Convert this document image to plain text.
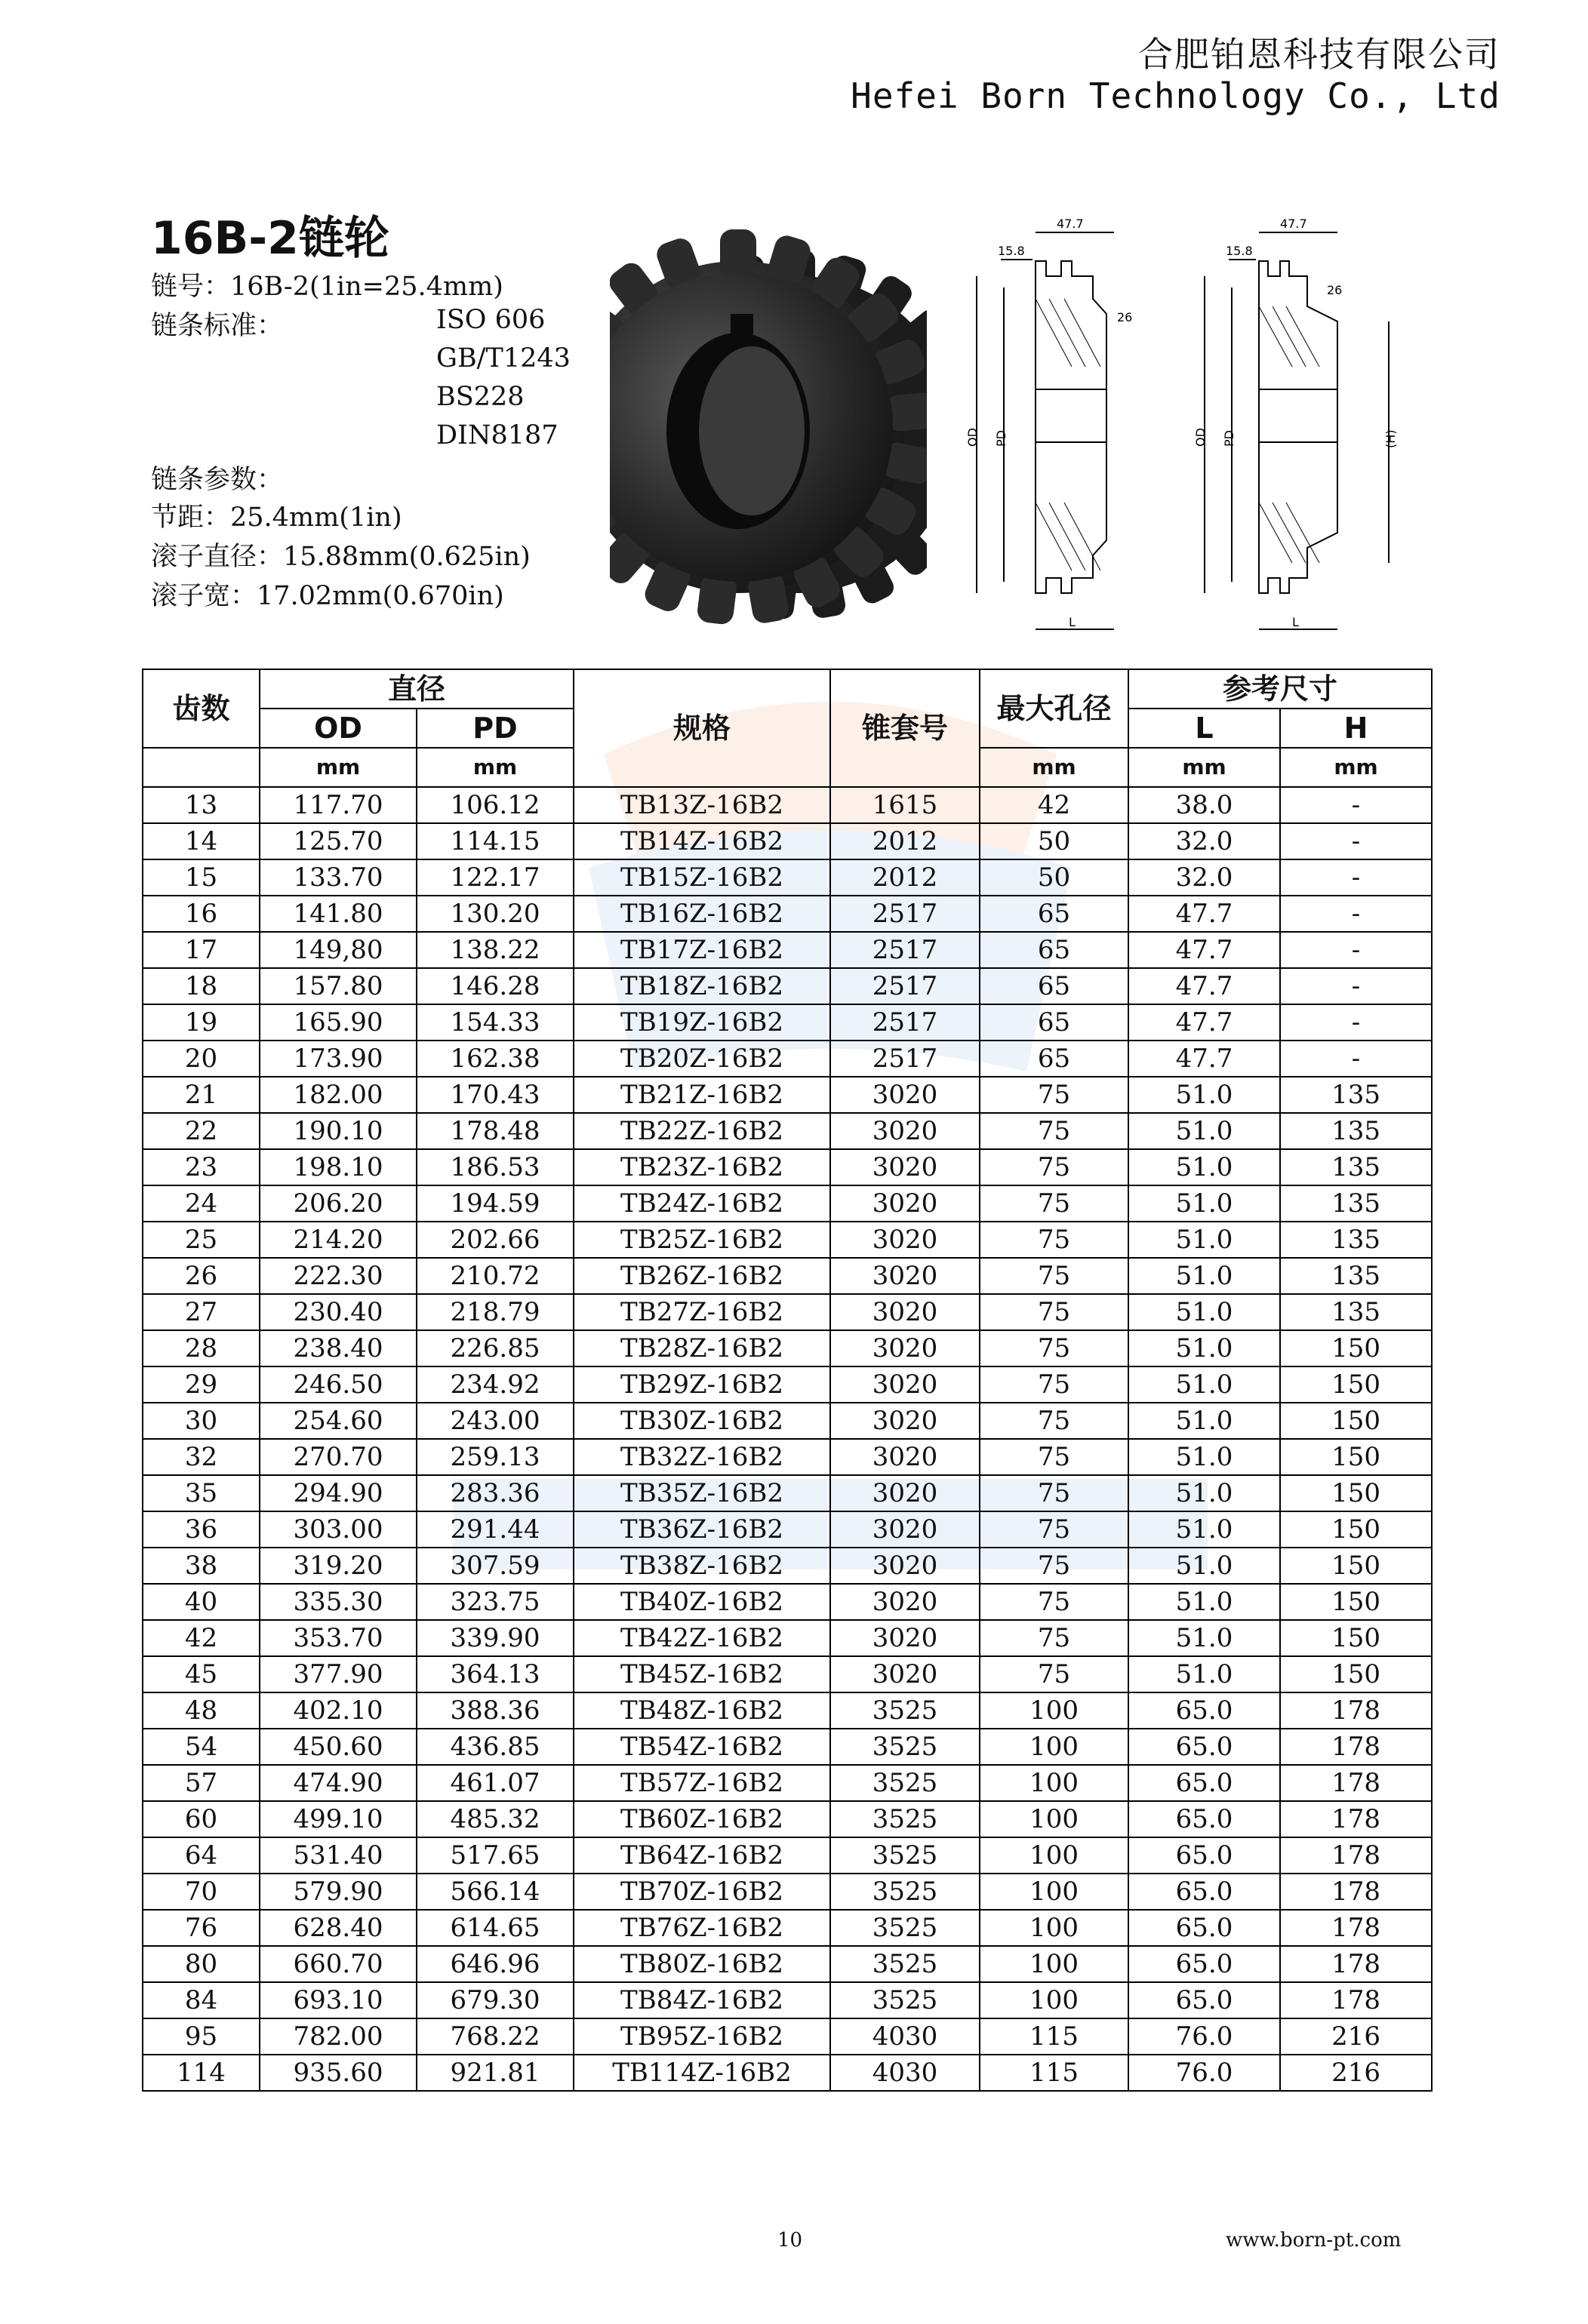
合肥铂恩科技有限公司
Hefei Born Technology Co., Ltd
16B-2链轮
链号：16B-2(1in=25.4mm)
链条标准：	ISO 606
GB/T1243
BS228
DIN8187
链条参数：
节距：25.4mm(1in)
滚子直径：15.88mm(0.625in)
滚子宽：17.02mm(0.670in)
47.7
15.8
26
OD PD
L
47.7
15.8
26
OD PD	(H)
L
齿数	直径		规格	锥套号	最大孔径	参考尺寸	
	OD	PD				L	H
	mm	mm			mm	mm	mm
13	117.70	106.12	TB13Z-16B2	1615	42	38.0	-
14	125.70	114.15	TB14Z-16B2	2012	50	32.0	-
15	133.70	122.17	TB15Z-16B2	2012	50	32.0	-
16	141.80	130.20	TB16Z-16B2	2517	65	47.7	-
17	149,80	138.22	TB17Z-16B2	2517	65	47.7	-
18	157.80	146.28	TB18Z-16B2	2517	65	47.7	-
19	165.90	154.33	TB19Z-16B2	2517	65	47.7	-
20	173.90	162.38	TB20Z-16B2	2517	65	47.7	-
21	182.00	170.43	TB21Z-16B2	3020	75	51.0	135
22	190.10	178.48	TB22Z-16B2	3020	75	51.0	135
23	198.10	186.53	TB23Z-16B2	3020	75	51.0	135
24	206.20	194.59	TB24Z-16B2	3020	75	51.0	135
25	214.20	202.66	TB25Z-16B2	3020	75	51.0	135
26	222.30	210.72	TB26Z-16B2	3020	75	51.0	135
27	230.40	218.79	TB27Z-16B2	3020	75	51.0	135
28	238.40	226.85	TB28Z-16B2	3020	75	51.0	150
29	246.50	234.92	TB29Z-16B2	3020	75	51.0	150
30	254.60	243.00	TB30Z-16B2	3020	75	51.0	150
32	270.70	259.13	TB32Z-16B2	3020	75	51.0	150
35	294.90	283.36	TB35Z-16B2	3020	75	51.0	150
36	303.00	291.44	TB36Z-16B2	3020	75	51.0	150
38	319.20	307.59	TB38Z-16B2	3020	75	51.0	150
40	335.30	323.75	TB40Z-16B2	3020	75	51.0	150
42	353.70	339.90	TB42Z-16B2	3020	75	51.0	150
45	377.90	364.13	TB45Z-16B2	3020	75	51.0	150
48	402.10	388.36	TB48Z-16B2	3525	100	65.0	178
54	450.60	436.85	TB54Z-16B2	3525	100	65.0	178
57	474.90	461.07	TB57Z-16B2	3525	100	65.0	178
60	499.10	485.32	TB60Z-16B2	3525	100	65.0	178
64	531.40	517.65	TB64Z-16B2	3525	100	65.0	178
70	579.90	566.14	TB70Z-16B2	3525	100	65.0	178
76	628.40	614.65	TB76Z-16B2	3525	100	65.0	178
80	660.70	646.96	TB80Z-16B2	3525	100	65.0	178
84	693.10	679.30	TB84Z-16B2	3525	100	65.0	178
95	782.00	768.22	TB95Z-16B2	4030	115	76.0	216
114	935.60	921.81	TB114Z-16B2	4030	115	76.0	216
10	www.born-pt.com
